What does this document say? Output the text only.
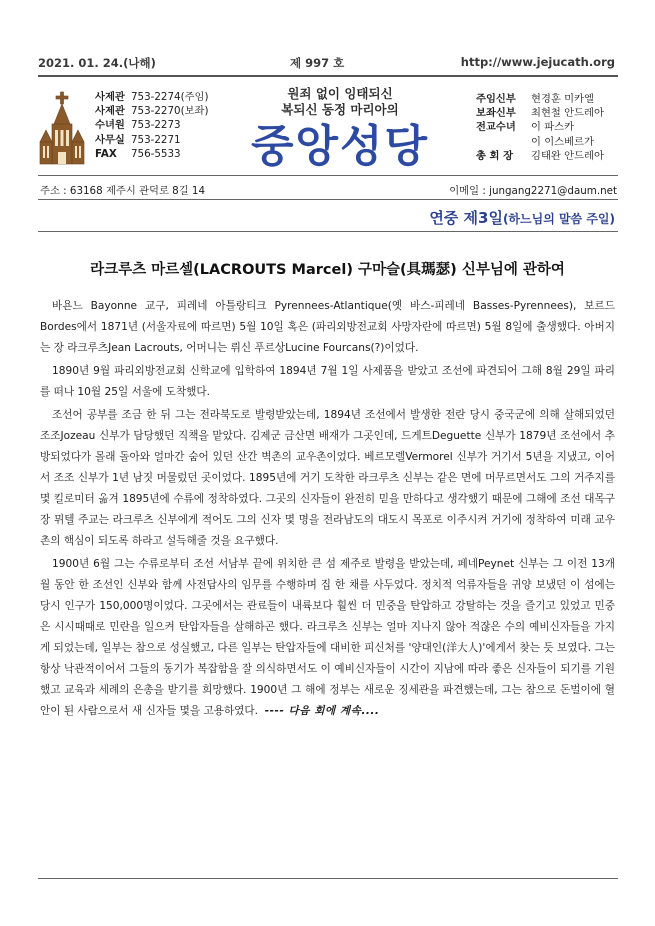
2021. 01. 24.(나해)	제 997 호	http://www.jejucath.org
사제관 753-2274(주임)
사제관 753-2270(보좌)
수녀원 753-2273
사무실 753-2271
FAX	756-5533
원죄 없이 잉태되신
복되신 동정 마리아의
중앙성당
주임신부	현경훈 미카엘
보좌신부	최현철 안드레아
전교수녀	이 파스카
이 이스베르가
총 회 장	김태완 안드레아
주소 : 63168 제주시 관덕로 8길 14	이메일 : jungang2271@daum.net
연중 제3일(하느님의 말씀 주일)
라크루츠 마르셀(LACROUTS Marcel) 구마슬(具瑪瑟) 신부님에 관하여

바욘느 Bayonne 교구, 피레네 아틀랑티크 Pyrennees-Atlantique(옛 바스-피레네 Basses-Pyrennees), 보르드 Bordes에서 1871년 (서울자료에 따르면) 5월 10일 혹은 (파리외방전교회 사망자란에 따르면) 5월 8일에 출생했다. 아버지는 장 라크루츠Jean Lacrouts, 어머니는 뤼신 푸르상Lucine Fourcans(?)이었다.

1890년 9월 파리외방전교회 신학교에 입학하여 1894년 7월 1일 사제품을 받았고 조선에 파견되어 그해 8월 29일 파리를 떠나 10월 25일 서울에 도착했다.

조선어 공부를 조금 한 뒤 그는 전라북도로 발령받았는데, 1894년 조선에서 발생한 전란 당시 중국군에 의해 살해되었던 조조Jozeau 신부가 담당했던 직책을 맡았다. 김제군 금산면 배재가 그곳인데, 드게트Deguette 신부가 1879년 조선에서 추방되었다가 몰래 돌아와 얼마간 숨어 있던 산간 벽촌의 교우촌이었다. 베르모렐Vermorel 신부가 거기서 5년을 지냈고, 이어서 조조 신부가 1년 남짓 머물렀던 곳이었다. 1895년에 거기 도착한 라크루츠 신부는 같은 면에 머무르면서도 그의 거주지를 몇 킬로미터 옮겨 1895년에 수류에 정착하였다. 그곳의 신자들이 완전히 믿을 만하다고 생각했기 때문에 그해에 조선 대목구장 뮈텔 주교는 라크루츠 신부에게 적어도 그의 신자 몇 명을 전라남도의 대도시 목포로 이주시켜 거기에 정착하여 미래 교우촌의 핵심이 되도록 하라고 설득해줄 것을 요구했다.

1900년 6월 그는 수류로부터 조선 서남부 끝에 위치한 큰 섬 제주로 발령을 받았는데, 페네Peynet 신부는 그 이전 13개월 동안 한 조선인 신부와 함께 사전답사의 임무를 수행하며 집 한 채를 사두었다. 정치적 억류자들을 귀양 보냈던 이 섬에는 당시 인구가 150,000명이었다. 그곳에서는 관료들이 내륙보다 훨씬 더 민중을 탄압하고 강탈하는 것을 즐기고 있었고 민중은 시시때때로 민란을 일으켜 탄압자들을 살해하곤 했다. 라크루츠 신부는 얼마 지나지 않아 적잖은 수의 예비신자들을 가지게 되었는데, 일부는 참으로 성실했고, 다른 일부는 탄압자들에 대비한 피신처를 '양대인(洋大人)'에게서 찾는 듯 보였다. 그는 항상 낙관적이어서 그들의 동기가 복잡함을 잘 의식하면서도 이 예비신자들이 시간이 지남에 따라 좋은 신자들이 되기를 기원했고 교육과 세례의 은총을 받기를 희망했다. 1900년 그 해에 정부는 새로운 징세관을 파견했는데, 그는 참으로 돈벌이에 혈안이 된 사람으로서 새 신자들 몇을 고용하였다. ---- 다음 회에 계속....
